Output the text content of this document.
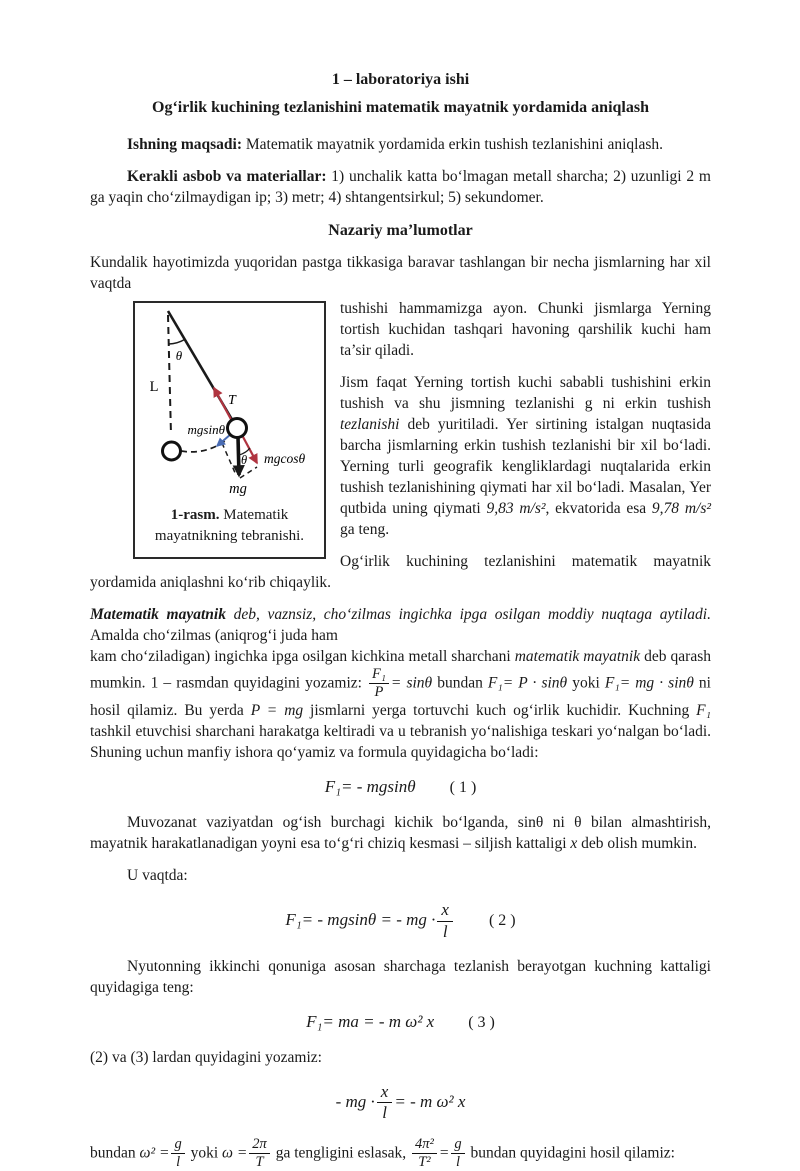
1 – laboratoriya ishi
Og‘irlik kuchining tezlanishini matematik mayatnik yordamida aniqlash

Ishning maqsadi: Matematik mayatnik yordamida erkin tushish tezlanishini aniqlash.

Kerakli asbob va materiallar: 1) unchalik katta bo‘lmagan metall sharcha; 2) uzunligi 2 m ga yaqin cho‘zilmaydigan ip; 3) metr; 4) shtangentsirkul; 5) sekundomer.

Nazariy ma’lumotlar

Kundalik hayotimizda yuqoridan pastga tikkasiga baravar tashlangan bir necha jismlarning har xil vaqtda

θ
L
T
mgsinθ
mgcosθ
mg
θ
1-rasm. Matematik mayatnikning tebranishi.

tushishi hammamizga ayon. Chunki jismlarga Yerning tortish kuchidan tashqari havoning qarshilik kuchi ham ta’sir qiladi.

Jism faqat Yerning tortish kuchi sababli tushishini erkin tushish va shu jismning tezlanishi g ni erkin tushish tezlanishi deb yuritiladi. Yer sirtining istalgan nuqtasida barcha jismlarning erkin tushish tezlanishi bir xil bo‘ladi. Yerning turli geografik kengliklardagi nuqtalarida erkin tushish tezlanishining qiymati har xil bo‘ladi. Masalan, Yer qutbida uning qiymati 9,83 m/s², ekvatorida esa 9,78 m/s² ga teng.

Og‘irlik kuchining tezlanishini matematik mayatnik yordamida aniqlashni ko‘rib chiqaylik.

Matematik mayatnik deb, vaznsiz, cho‘zilmas ingichka ipga osilgan moddiy nuqtaga aytiladi. Amalda cho‘zilmas (aniqrog‘i juda ham

kam cho‘ziladigan) ingichka ipga osilgan kichkina metall sharchani matematik mayatnik deb qarash mumkin. 1 – rasmdan quyidagini yozamiz: $\frac{\text{F₁}}{P} = \sin\theta$ bundan F₁= P · sinθ yoki F₁= mg · sinθ ni hosil qilamiz. Bu yerda P = mg jismlarni yerga tortuvchi kuch og‘irlik kuchidir. Kuchning F₁ tashkil etuvchisi sharchani harakatga keltiradi va u tebranish yo‘nalishiga teskari yo‘nalgan bo‘ladi. Shuning uchun manfiy ishora qo‘yamiz va formula quyidagicha bo‘ladi:

F₁= - mgsinθ ( 1 )

Muvozanat vaziyatdan og‘ish burchagi kichik bo‘lganda, sinθ ni θ bilan almashtirish, mayatnik harakatlanadigan yoyni esa to‘g‘ri chiziq kesmasi – siljish kattaligi x deb olish mumkin.

U vaqtda:

F₁= - mgsinθ = - mg · $\frac{x}{l}$ ( 2 )

Nyutonning ikkinchi qonuniga asosan sharchaga tezlanish berayotgan kuchning kattaligi quyidagiga teng:

F₁= ma = - m ω² x ( 3 )

(2) va (3) lardan quyidagini yozamiz:

- mg · $\frac{x}{l}$ = - m ω² x

bundan $\omega^2 = \frac{g}{l}$ yoki $\omega = \frac{2\pi}{T}$ ga tengligini eslasak, $\frac{\text{4π²}}{\text{T²}} = \frac{g}{l}$ bundan quyidagini hosil qilamiz:
